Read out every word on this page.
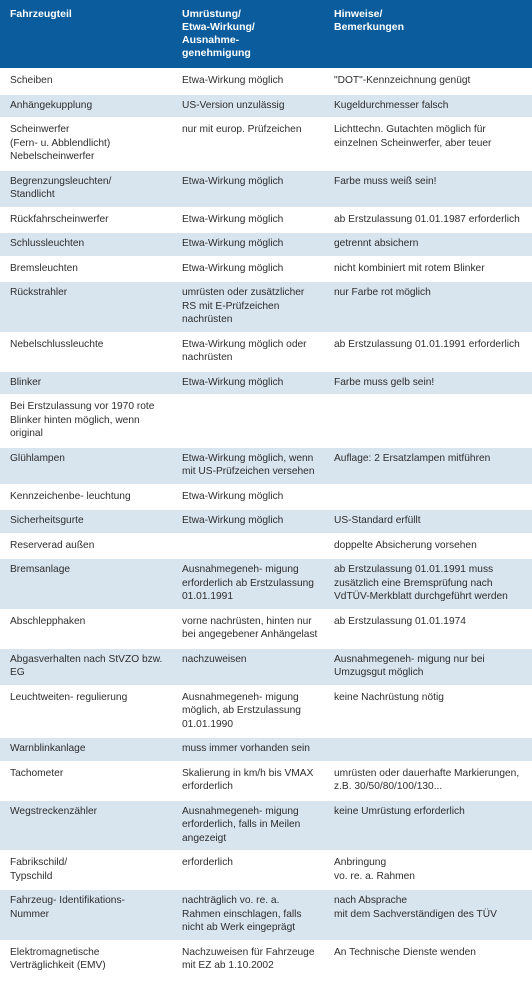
Fahrzeugteil	Umrüstung/
Etwa-Wirkung/
Ausnahme-
genehmigung	Hinweise/
Bemerkungen
Scheiben	Etwa-Wirkung möglich	"DOT"-Kennzeichnung genügt
Anhängekupplung	US-Version unzulässig	Kugeldurchmesser falsch
Scheinwerfer
(Fern- u. Abblendlicht)
Nebelscheinwerfer	nur mit europ. Prüfzeichen	Lichttechn. Gutachten möglich für einzelnen Scheinwerfer, aber teuer
Begrenzungsleuchten/
Standlicht	Etwa-Wirkung möglich	Farbe muss weiß sein!
Rückfahrscheinwerfer	Etwa-Wirkung möglich	ab Erstzulassung 01.01.1987 erforderlich
Schlussleuchten	Etwa-Wirkung möglich	getrennt absichern
Bremsleuchten	Etwa-Wirkung möglich	nicht kombiniert mit rotem Blinker
Rückstrahler	umrüsten oder zusätzlicher RS mit E-Prüfzeichen nachrüsten	nur Farbe rot möglich
Nebelschlussleuchte	Etwa-Wirkung möglich oder nachrüsten	ab Erstzulassung 01.01.1991 erforderlich
Blinker	Etwa-Wirkung möglich	Farbe muss gelb sein!
Bei Erstzulassung vor 1970 rote Blinker hinten möglich, wenn original		
Glühlampen	Etwa-Wirkung möglich, wenn mit US-Prüfzeichen versehen	Auflage: 2 Ersatzlampen mitführen
Kennzeichenbe- leuchtung	Etwa-Wirkung möglich	
Sicherheitsgurte	Etwa-Wirkung möglich	US-Standard erfüllt
Reserverad außen		doppelte Absicherung vorsehen
Bremsanlage	Ausnahmegeneh- migung erforderlich ab Erstzulassung 01.01.1991	ab Erstzulassung 01.01.1991 muss zusätzlich eine Bremsprüfung nach VdTÜV-Merkblatt durchgeführt werden
Abschlepphaken	vorne nachrüsten, hinten nur bei angegebener Anhängelast	ab Erstzulassung 01.01.1974
Abgasverhalten nach StVZO bzw. EG	nachzuweisen	Ausnahmegeneh- migung nur bei Umzugsgut möglich
Leuchtweiten- regulierung	Ausnahmegeneh- migung möglich, ab Erstzulassung 01.01.1990	keine Nachrüstung nötig
Warnblinkanlage	muss immer vorhanden sein	
Tachometer	Skalierung in km/h bis VMAX erforderlich	umrüsten oder dauerhafte Markierungen, z.B. 30/50/80/100/130...
Wegstreckenzähler	Ausnahmegeneh- migung erforderlich, falls in Meilen angezeigt	keine Umrüstung erforderlich
Fabrikschild/
Typschild	erforderlich	Anbringung
vo. re. a. Rahmen
Fahrzeug- Identifikations-
Nummer	nachträglich vo. re. a. Rahmen einschlagen, falls nicht ab Werk eingeprägt	nach Absprache
mit dem Sachverständigen des TÜV
Elektromagnetische Verträglichkeit (EMV)	Nachzuweisen für Fahrzeuge mit EZ ab 1.10.2002	An Technische Dienste wenden
